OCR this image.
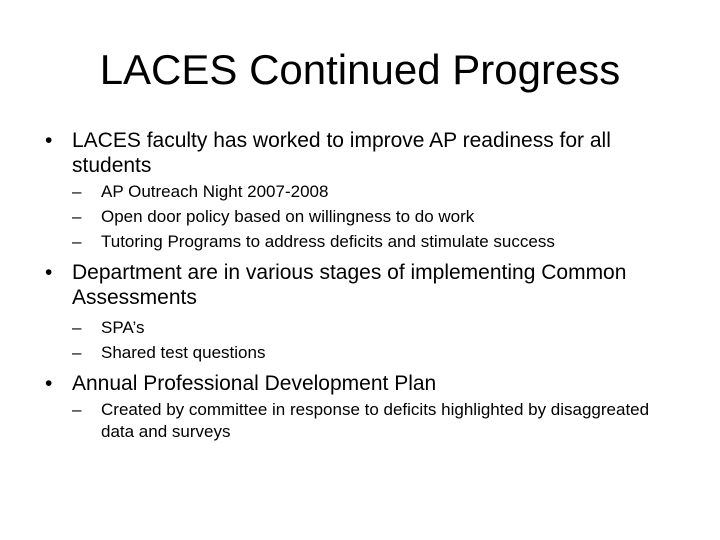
LACES Continued Progress
• LACES faculty has worked to improve AP readiness for all students
– AP Outreach Night 2007-2008
– Open door policy based on willingness to do work
– Tutoring Programs to address deficits and stimulate success
• Department are in various stages of implementing Common Assessments
– SPA’s
– Shared test questions
• Annual Professional Development Plan
– Created by committee in response to deficits highlighted by disaggreated data and surveys
